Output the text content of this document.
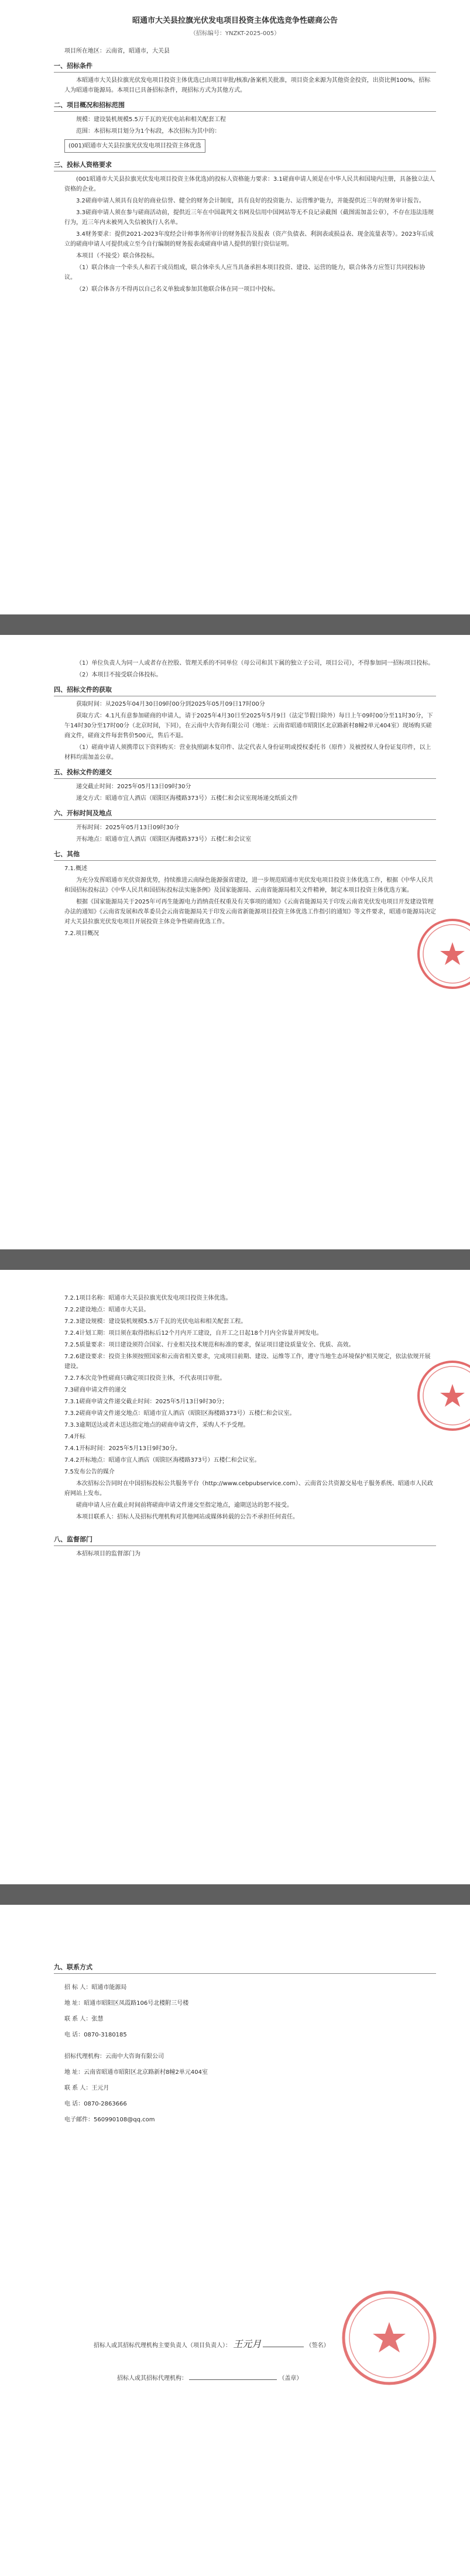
昭通市大关县拉旗光伏发电项目投资主体优选竞争性磋商公告
（招标编号：YNZKT-2025-005）

项目所在地区：云南省，昭通市，大关县

一、招标条件

本昭通市大关县拉旗光伏发电项目投资主体优选已由项目审批/核准/备案机关批准，项目资金来源为其他资金投资，出资比例100%，招标人为昭通市能源局。本项目已具备招标条件，现招标方式为其他方式。

二、项目概况和招标范围

规模：建设装机规模5.5万千瓦的光伏电站和相关配套工程

范围：本招标项目划分为1个标段，本次招标为其中的：

(001)昭通市大关县拉旗光伏发电项目投资主体优选
三、投标人资格要求

(001昭通市大关县拉旗光伏发电项目投资主体优选)的投标人资格能力要求：3.1磋商申请人须是在中华人民共和国境内注册，具备独立法人资格的企业。

3.2磋商申请人须具有良好的商业信誉、健全的财务会计制度，具有良好的投资能力、运营维护能力，并能提供近三年的财务审计报告。

3.3磋商申请人须在参与磋商活动前，提供近三年在中国裁判文书网及信用中国网站等无不良记录截图（截图需加盖公章），不存在违法违规行为，近三年内未被列入失信被执行人名单。

3.4财务要求：提供2021-2023年度经会计师事务所审计的财务报告及报表（资产负债表、利润表或损益表、现金流量表等）。2023年后成立的磋商申请人可提供成立至今自行编制的财务报表或磋商申请人提供的银行资信证明。

本项目（不接受）联合体投标。

（1）联合体由一个牵头人和若干成员组成，联合体牵头人应当具备承担本项目投资、建设、运营的能力，联合体各方应签订共同投标协议。

（2）联合体各方不得再以自己名义单独或参加其他联合体在同一项目中投标。

（1）单位负责人为同一人或者存在控股、管理关系的不同单位（母公司和其下属的独立子公司，项目公司），不得参加同一招标项目投标。

（2）本项目不接受联合体投标。

四、招标文件的获取

获取时间：从2025年04月30日09时00分到2025年05月09日17时00分

获取方式：4.1凡有意参加磋商的申请人，请于2025年4月30日至2025年5月9日（法定节假日除外）每日上午09时00分至11时30分，下午14时30分至17时00分（北京时间，下同），在云南中大咨询有限公司（地址：云南省昭通市昭阳区北京路新村8幢2单元404室）现场购买磋商文件，磋商文件每套售价500元，售后不退。

（1）磋商申请人须携带以下资料购买：营业执照副本复印件、法定代表人身份证明或授权委托书（原件）及被授权人身份证复印件，以上材料均需加盖公章。

五、投标文件的递交

递交截止时间：2025年05月13日09时30分

递交方式：昭通市宜人酒店（昭阳区海楼路373号）五楼仁和会议室现场递交纸质文件

六、开标时间及地点

开标时间：2025年05月13日09时30分

开标地点：昭通市宜人酒店（昭阳区海楼路373号）五楼仁和会议室

七、其他

7.1.概述

为充分发挥昭通市光伏资源优势，持续推进云南绿色能源强省建设，进一步规范昭通市光伏发电项目投资主体优选工作，根据《中华人民共和国招标投标法》《中华人民共和国招标投标法实施条例》及国家能源局、云南省能源局相关文件精神，制定本项目投资主体优选方案。

根据《国家能源局关于2025年可再生能源电力消纳责任权重及有关事项的通知》《云南省能源局关于印发云南省光伏发电项目开发建设管理办法的通知》《云南省发展和改革委员会云南省能源局关于印发云南省新能源项目投资主体优选工作指引的通知》等文件要求，昭通市能源局决定对大关县拉旗光伏发电项目开展投资主体竞争性磋商优选工作。

7.2.项目概况

7.2.1项目名称：昭通市大关县拉旗光伏发电项目投资主体优选。

7.2.2建设地点：昭通市大关县。

7.2.3建设规模：建设装机规模5.5万千瓦的光伏电站和相关配套工程。

7.2.4计划工期：项目须在取得指标后12个月内开工建设，自开工之日起18个月内全容量并网发电。

7.2.5质量要求：项目建设须符合国家、行业相关技术规范和标准的要求，保证项目建设质量安全、优质、高效。

7.2.6建设要求：投资主体须按照国家和云南省相关要求，完成项目前期、建设、运维等工作，遵守当地生态环境保护相关规定，依法依规开展建设。

7.2.7本次竞争性磋商只确定项目投资主体，不代表项目审批。

7.3磋商申请文件的递交

7.3.1磋商申请文件递交截止时间：2025年5月13日9时30分；

7.3.2磋商申请文件递交地点：昭通市宜人酒店（昭阳区海楼路373号）五楼仁和会议室。

7.3.3逾期送达或者未送达指定地点的磋商申请文件，采购人不予受理。

7.4开标

7.4.1开标时间：2025年5月13日9时30分。

7.4.2开标地点：昭通市宜人酒店（昭阳区海楼路373号）五楼仁和会议室。

7.5发布公告的媒介

本次招标公告同时在中国招标投标公共服务平台（http://www.cebpubservice.com）、云南省公共资源交易电子服务系统、昭通市人民政府网站上发布。

磋商申请人应在截止时间前将磋商申请文件递交至指定地点，逾期送达的恕不接受。

本项目联系人：招标人及招标代理机构对其他网站或媒体转载的公告不承担任何责任。

八、监督部门

本招标项目的监督部门为

九、联系方式

招 标 人：昭通市能源局

地 址：昭通市昭阳区凤霞路106号北楼附三号楼

联 系 人：张慧

电 话：0870-3180185

招标代理机构：云南中大咨询有限公司

地 址：云南省昭通市昭阳区北京路新村8幢2单元404室

联 系 人：王元月

电 话：0870-2863666

电子邮件：560990108@qq.com

招标人或其招标代理机构主要负责人（项目负责人）： 王元月	（签名）
招标人或其招标代理机构：	（盖章）
